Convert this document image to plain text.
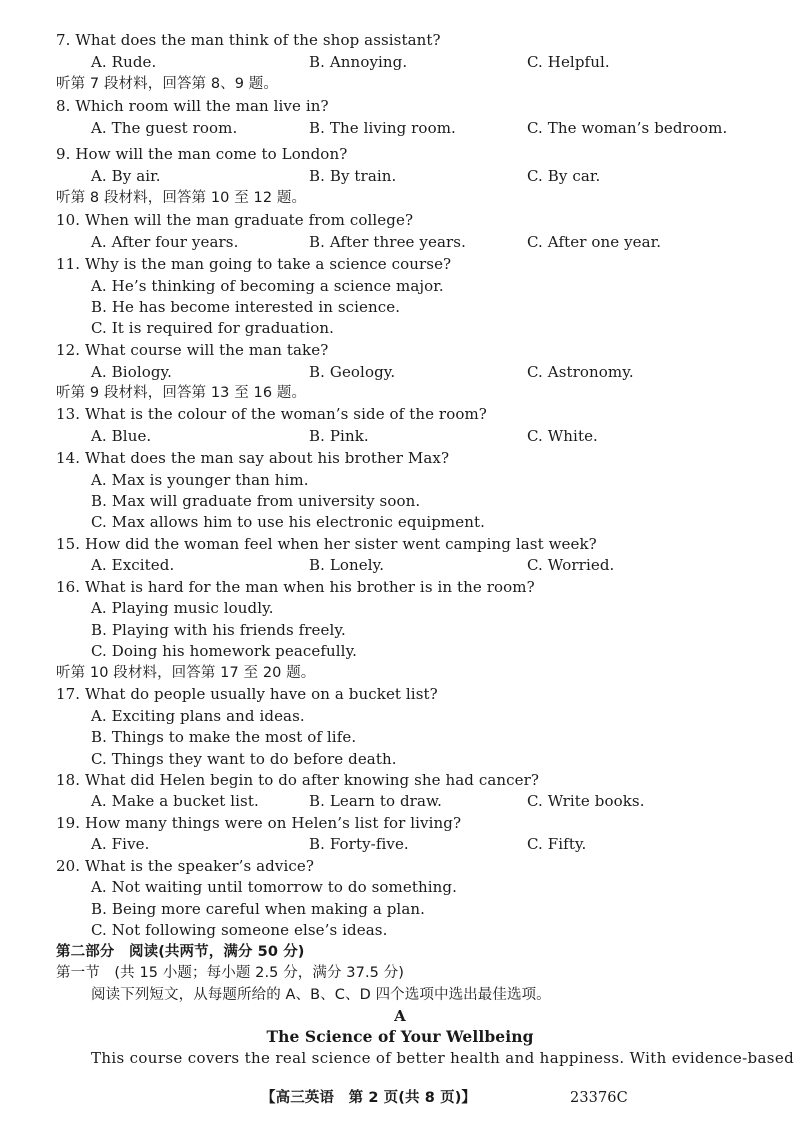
7. What does the man think of the shop assistant?
A. Rude.	B. Annoying.	C. Helpful.
听第 7 段材料，回答第 8、9 题。
8. Which room will the man live in?
A. The guest room.	B. The living room.	C. The woman’s bedroom.
9. How will the man come to London?
A. By air.	B. By train.	C. By car.
听第 8 段材料，回答第 10 至 12 题。
10. When will the man graduate from college?
A. After four years.	B. After three years.	C. After one year.
11. Why is the man going to take a science course?
A. He’s thinking of becoming a science major.
B. He has become interested in science.
C. It is required for graduation.
12. What course will the man take?
A. Biology.	B. Geology.	C. Astronomy.
听第 9 段材料，回答第 13 至 16 题。
13. What is the colour of the woman’s side of the room?
A. Blue.	B. Pink.	C. White.
14. What does the man say about his brother Max?
A. Max is younger than him.
B. Max will graduate from university soon.
C. Max allows him to use his electronic equipment.
15. How did the woman feel when her sister went camping last week?
A. Excited.	B. Lonely.	C. Worried.
16. What is hard for the man when his brother is in the room?
A. Playing music loudly.
B. Playing with his friends freely.
C. Doing his homework peacefully.
听第 10 段材料，回答第 17 至 20 题。
17. What do people usually have on a bucket list?
A. Exciting plans and ideas.
B. Things to make the most of life.
C. Things they want to do before death.
18. What did Helen begin to do after knowing she had cancer?
A. Make a bucket list.	B. Learn to draw.	C. Write books.
19. How many things were on Helen’s list for living?
A. Five.	B. Forty-five.	C. Fifty.
20. What is the speaker’s advice?
A. Not waiting until tomorrow to do something.
B. Being more careful when making a plan.
C. Not following someone else’s ideas.
第二部分　阅读(共两节，满分 50 分)
第一节　(共 15 小题；每小题 2.5 分，满分 37.5 分)
阅读下列短文，从每题所给的 A、B、C、D 四个选项中选出最佳选项。
A
The Science of Your Wellbeing
This course covers the real science of better health and happiness. With evidence-based
【高三英语　第 2 页(共 8 页)】	23376C
